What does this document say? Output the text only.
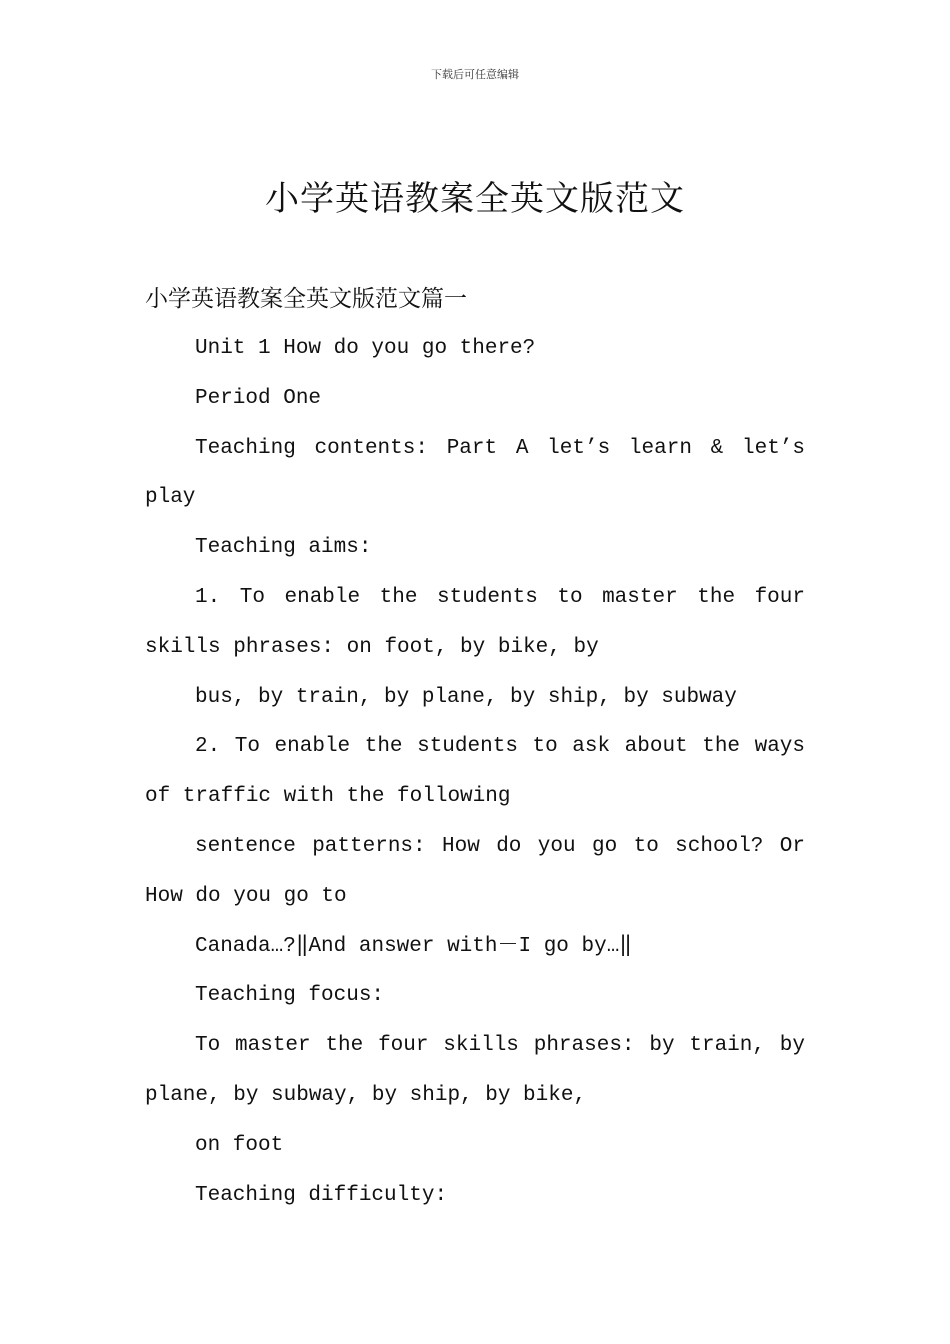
下载后可任意编辑
小学英语教案全英文版范文
小学英语教案全英文版范文篇一

Unit 1 How do you go there?

Period One

Teaching contents: Part A let’s learn & let’s play

Teaching aims:

1. To enable the students to master the four skills phrases: on foot, by bike, by

bus, by train, by plane, by ship, by subway

2. To enable the students to ask about the ways of traffic with the following

sentence patterns: How do you go to school? Or How do you go to

Canada…?‖And answer with－I go by…‖

Teaching focus:

To master the four skills phrases: by train, by plane, by subway, by ship, by bike,

on foot

Teaching difficulty:
